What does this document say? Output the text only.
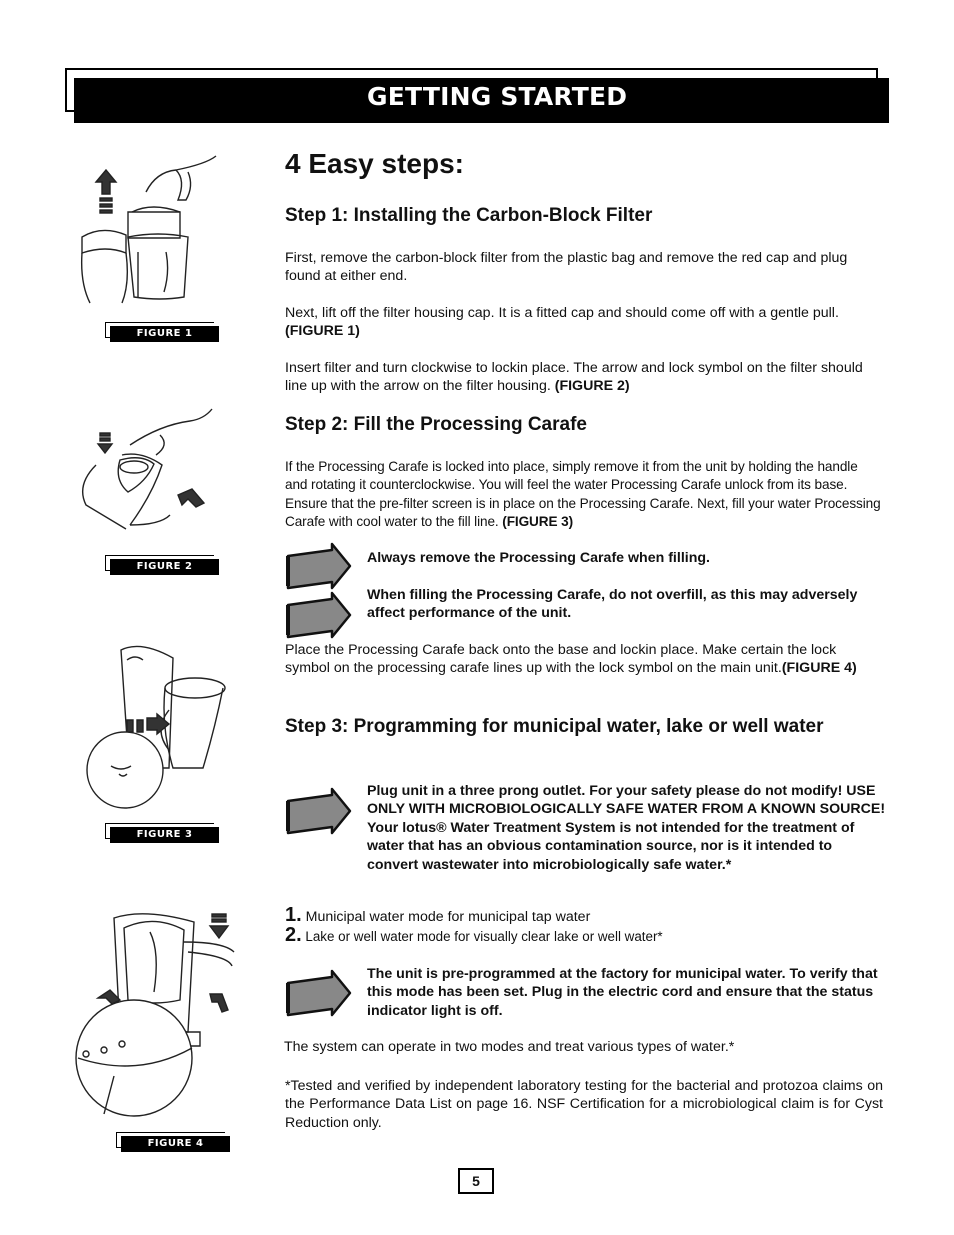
GETTING STARTED
FIGURE 1
FIGURE 2
FIGURE 3
FIGURE 4
4 Easy steps:
Step 1: Installing the Carbon-Block Filter
First, remove the carbon-block filter from the plastic bag and remove the red cap and plug found at either end.
Next, lift off the filter housing cap. It is a fitted cap and should come off with a gentle pull. (FIGURE 1)
Insert filter and turn clockwise to lockin place. The arrow and lock symbol on the filter should line up with the arrow on the filter housing. (FIGURE 2)
Step 2: Fill the Processing Carafe
If the Processing Carafe is locked into place, simply remove it from the unit by holding the handle and rotating it counterclockwise. You will feel the water Processing Carafe unlock from its base. Ensure that the pre-filter screen is in place on the Processing Carafe. Next, fill your water Processing Carafe with cool water to the fill line. (FIGURE 3)
Always remove the Processing Carafe when filling.
When filling the Processing Carafe, do not overfill, as this may adversely affect performance of the unit.
Place the Processing Carafe back onto the base and lockin place. Make certain the lock symbol on the processing carafe lines up with the lock symbol on the main unit.(FIGURE 4)
Step 3: Programming for municipal water, lake or well water
Plug unit in a three prong outlet. For your safety please do not modify! USE ONLY WITH MICROBIOLOGICALLY SAFE WATER FROM A KNOWN SOURCE! Your lotus® Water Treatment System is not intended for the treatment of water that has an obvious contamination source, nor is it intended to convert wastewater into microbiologically safe water.*
1. Municipal water mode for municipal tap water
2. Lake or well water mode for visually clear lake or well water*
The unit is pre-programmed at the factory for municipal water. To verify that this mode has been set. Plug in the electric cord and ensure that the status indicator light is off.
The system can operate in two modes and treat various types of water.*
*Tested and verified by independent laboratory testing for the bacterial and protozoa claims on the Performance Data List on page 16. NSF Certification for a microbiological claim is for Cyst Reduction only.
5
